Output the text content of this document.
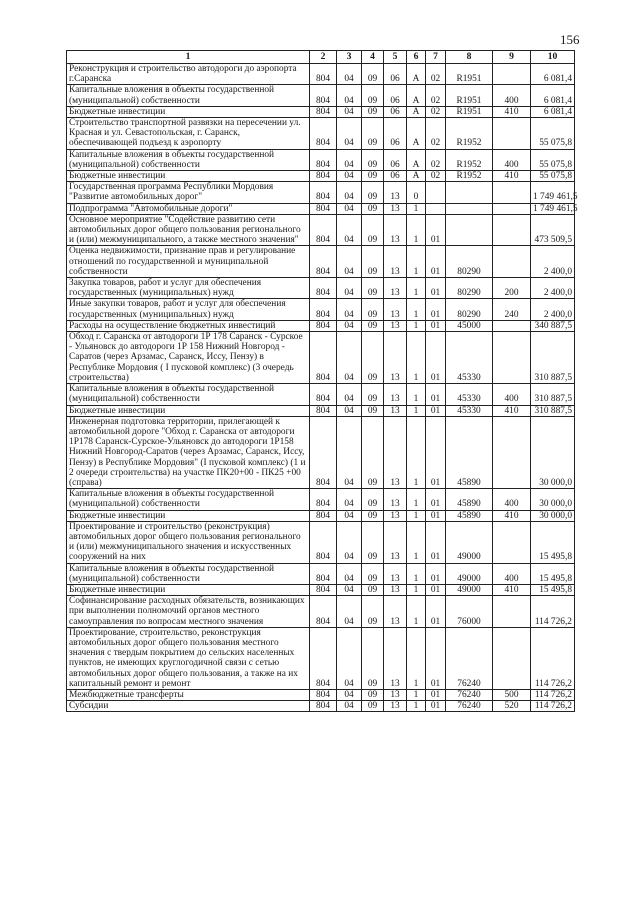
156
1	2	3	4	5	6	7	8	9	10
Реконструкция и строительство автодороги до аэропорта г.Саранска	804	04	09	06	А	02	R1951		6 081,4
Капитальные вложения в объекты государственной (муниципальной) собственности	804	04	09	06	А	02	R1951	400	6 081,4
Бюджетные инвестиции	804	04	09	06	А	02	R1951	410	6 081,4
Строительство транспортной развязки на пересечении ул. Красная и ул. Севастопольская, г. Саранск, обеспечивающей подъезд к аэропорту	804	04	09	06	А	02	R1952		55 075,8
Капитальные вложения в объекты государственной (муниципальной) собственности	804	04	09	06	А	02	R1952	400	55 075,8
Бюджетные инвестиции	804	04	09	06	А	02	R1952	410	55 075,8
Государственная программа Республики Мордовия "Развитие автомобильных дорог"	804	04	09	13	0				1 749 461,5
Подпрограмма "Автомобильные дороги"	804	04	09	13	1				1 749 461,5
Основное мероприятие "Содействие развитию сети автомобильных дорог общего пользования регионального и (или) межмуниципального, а также местного значения"	804	04	09	13	1	01			473 509,5
Оценка недвижимости, признание прав и регулирование отношений по государственной и муниципальной собственности	804	04	09	13	1	01	80290		2 400,0
Закупка товаров, работ и услуг для обеспечения государственных (муниципальных) нужд	804	04	09	13	1	01	80290	200	2 400,0
Иные закупки товаров, работ и услуг для обеспечения государственных (муниципальных) нужд	804	04	09	13	1	01	80290	240	2 400,0
Расходы на осуществление бюджетных инвестиций	804	04	09	13	1	01	45000		340 887,5
Обход г. Саранска от автодороги 1Р 178 Саранск - Сурское - Ульяновск до автодороги 1Р 158 Нижний Новгород - Саратов (через Арзамас, Саранск, Иссу, Пензу) в Республике Мордовия ( I пусковой комплекс) (3 очередь строительства)	804	04	09	13	1	01	45330		310 887,5
Капитальные вложения в объекты государственной (муниципальной) собственности	804	04	09	13	1	01	45330	400	310 887,5
Бюджетные инвестиции	804	04	09	13	1	01	45330	410	310 887,5
Инженерная подготовка территории, прилегающей к автомобильной дороге "Обход г. Саранска от автодороги 1Р178 Саранск-Сурское-Ульяновск до автодороги 1Р158 Нижний Новгород-Саратов (через Арзамас, Саранск, Иссу, Пензу) в Республике Мордовия" (I пусковой комплекс) (1 и 2 очереди строительства) на участке ПК20+00 - ПК25 +00 (справа)	804	04	09	13	1	01	45890		30 000,0
Капитальные вложения в объекты государственной (муниципальной) собственности	804	04	09	13	1	01	45890	400	30 000,0
Бюджетные инвестиции	804	04	09	13	1	01	45890	410	30 000,0
Проектирование и строительство (реконструкция) автомобильных дорог общего пользования регионального и (или) межмуниципального значения и искусственных сооружений на них	804	04	09	13	1	01	49000		15 495,8
Капитальные вложения в объекты государственной (муниципальной) собственности	804	04	09	13	1	01	49000	400	15 495,8
Бюджетные инвестиции	804	04	09	13	1	01	49000	410	15 495,8
Софинансирование расходных обязательств, возникающих при выполнении полномочий органов местного самоуправления по вопросам местного значения	804	04	09	13	1	01	76000		114 726,2
Проектирование, строительство, реконструкция автомобильных дорог общего пользования местного значения с твердым покрытием до сельских населенных пунктов, не имеющих круглогодичной связи с сетью автомобильных дорог общего пользования, а также на их капитальный ремонт и ремонт	804	04	09	13	1	01	76240		114 726,2
Межбюджетные трансферты	804	04	09	13	1	01	76240	500	114 726,2
Субсидии	804	04	09	13	1	01	76240	520	114 726,2
